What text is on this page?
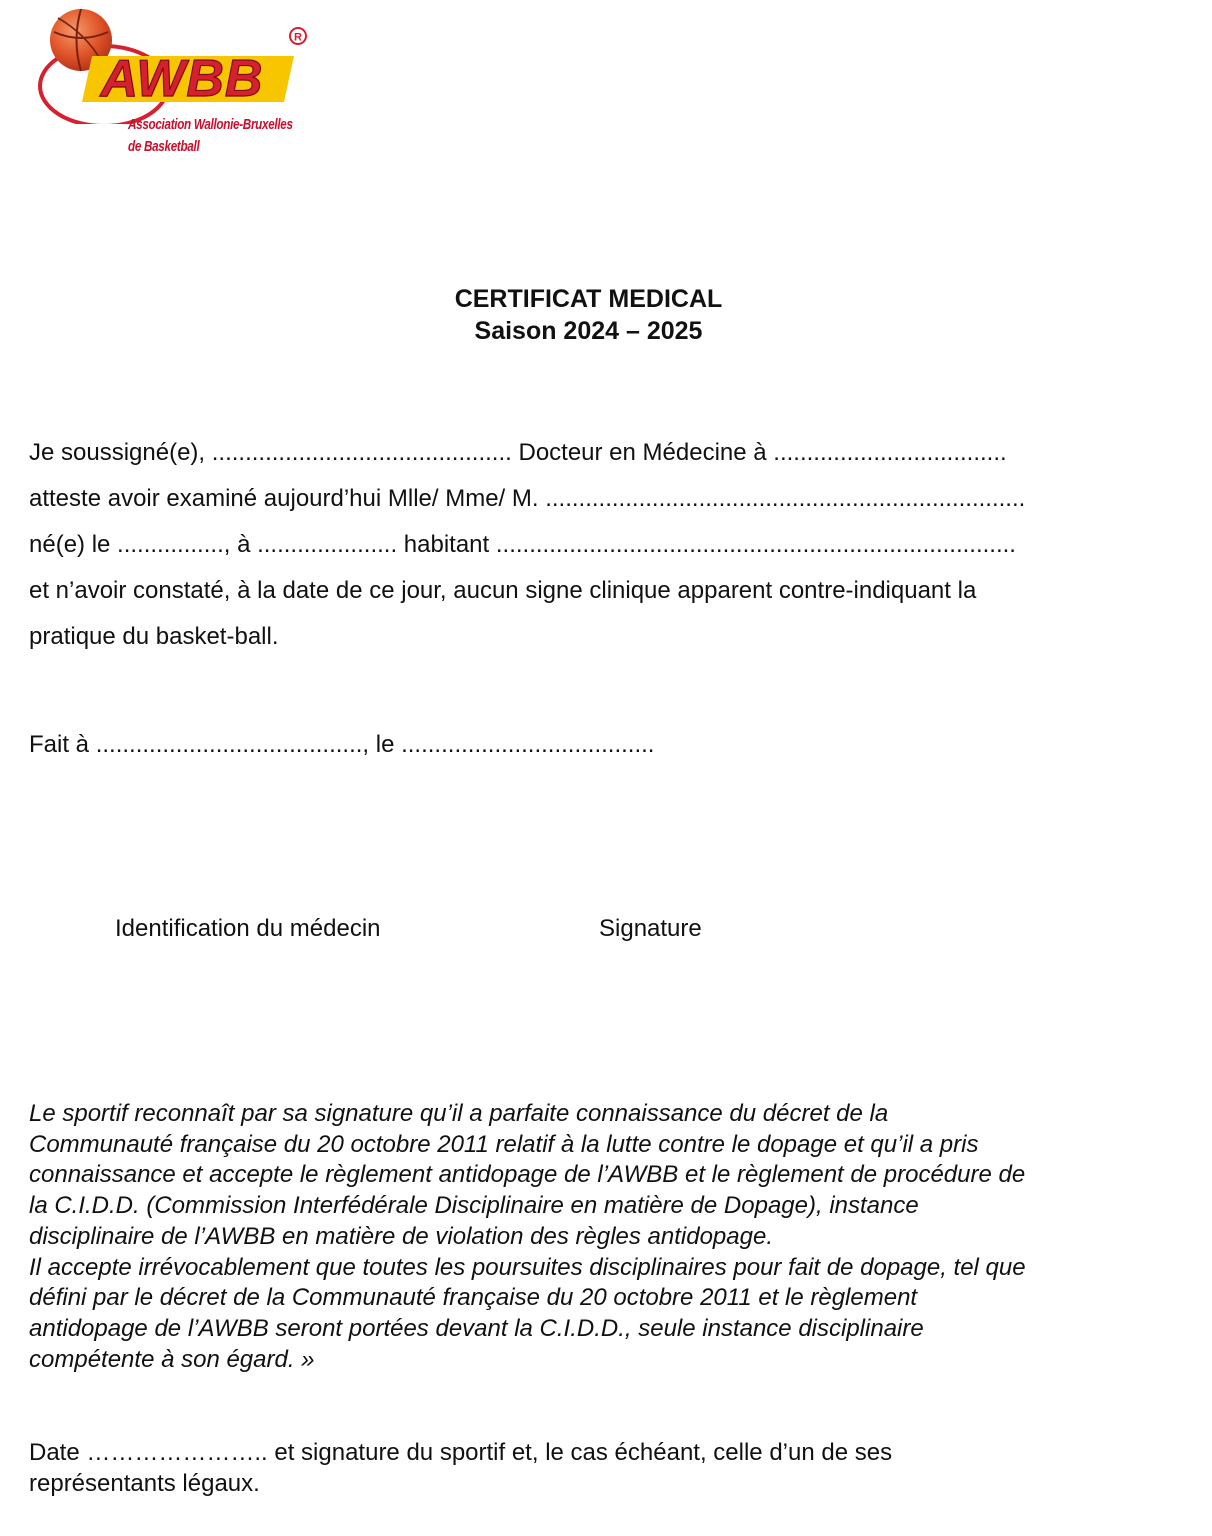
AWBB
R
Association Wallonie-Bruxelles
de Basketball
CERTIFICAT MEDICAL
Saison 2024 – 2025
Je soussigné(e), ............................................. Docteur en Médecine à ...................................
atteste avoir examiné aujourd’hui Mlle/ Mme/ M. ........................................................................
né(e) le ................, à ..................... habitant ..............................................................................
et n’avoir constaté, à la date de ce jour, aucun signe clinique apparent contre-indiquant la
pratique du basket-ball.
Fait à ........................................, le ......................................
Identification du médecin	Signature
Le sportif reconnaît par sa signature qu’il a parfaite connaissance du décret de la
Communauté française du 20 octobre 2011 relatif à la lutte contre le dopage et qu’il a pris
connaissance et accepte le règlement antidopage de l’AWBB et le règlement de procédure de
la C.I.D.D. (Commission Interfédérale Disciplinaire en matière de Dopage), instance
disciplinaire de l’AWBB en matière de violation des règles antidopage.
Il accepte irrévocablement que toutes les poursuites disciplinaires pour fait de dopage, tel que
défini par le décret de la Communauté française du 20 octobre 2011 et le règlement
antidopage de l’AWBB seront portées devant la C.I.D.D., seule instance disciplinaire
compétente à son égard. »
Date ………………….. et signature du sportif et, le cas échéant, celle d’un de ses
représentants légaux.
